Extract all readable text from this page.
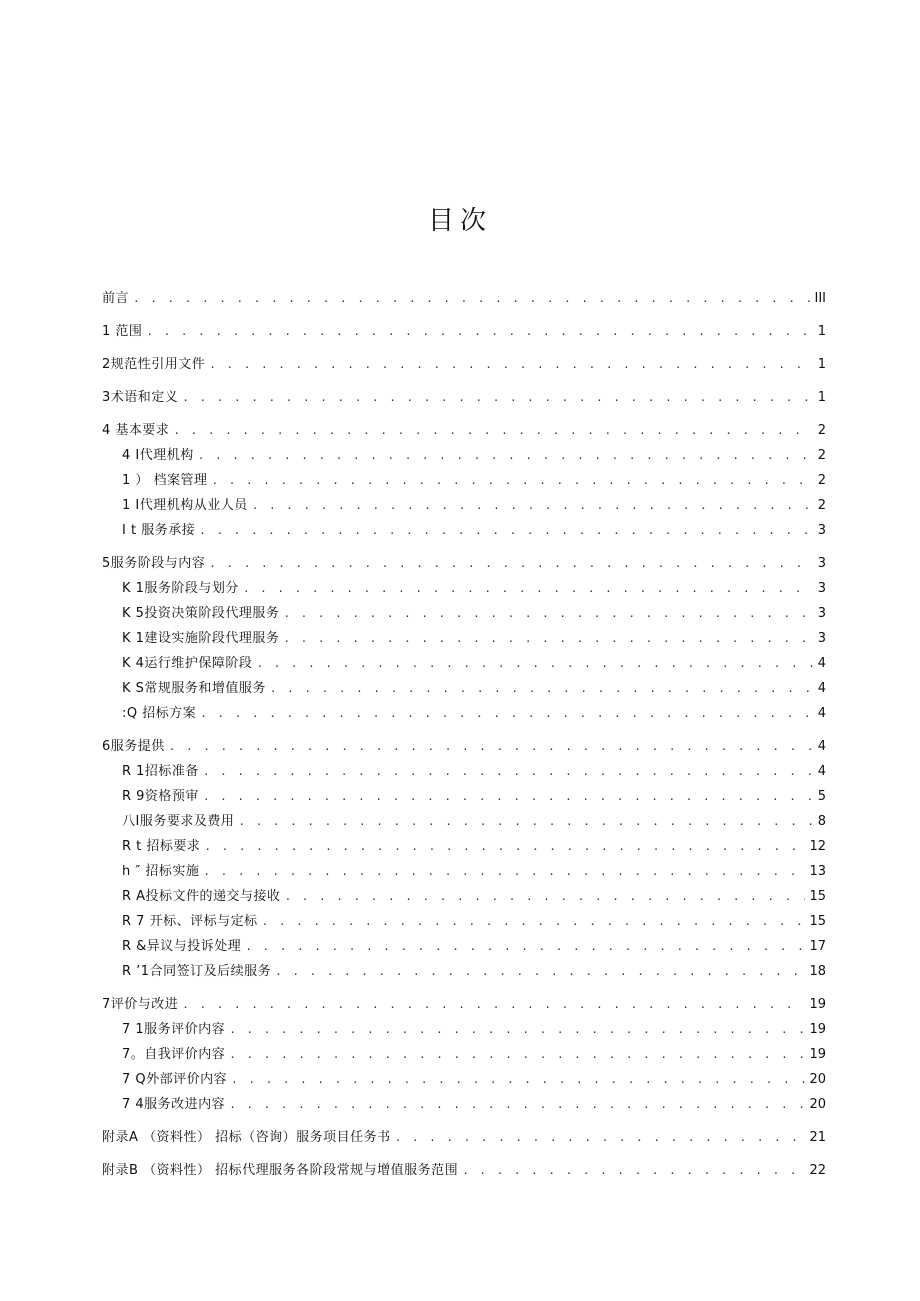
目次
前言 . . .	III
1 范围 . . .	1
2规范性引用文件 . . .	1
3术语和定义 . . .	1
4 基本要求 . . .	2
4 I代理机构 . . .	2
1 ） 档案管理 . . .	2
1 I代理机构从业人员 . . .	2
I t 服务承接 . . .	3
5服务阶段与内容 . . .	3
K 1服务阶段与划分 . . .	3
K 5投资决策阶段代理服务 . . .	3
K 1建设实施阶段代理服务 . . .	3
K 4运行维护保障阶段 . . .	4
K S常规服务和增值服务 . . .	4
:Q 招标方案 . . .	4
6服务提供 . . .	4
R 1招标准备 . . .	4
R 9资格预审 . . .	5
八I服务要求及费用 . . .	8
R t 招标要求 . . .	12
h ″ 招标实施 . . .	13
R A投标文件的递交与接收 . . .	15
R 7 开标、评标与定标 . . .	15
R &异议与投诉处理 . . .	17
R ’1合同签订及后续服务 . . .	18
7评价与改进 . . .	19
7 1服务评价内容 . . .	19
7。自我评价内容 . . .	19
7 Q外部评价内容 . . .	20
7 4服务改进内容 . . .	20
附录A （资料性） 招标（咨询）服务项目任务书 . . .	21
附录B （资料性） 招标代理服务各阶段常规与增值服务范围 . . .	22
